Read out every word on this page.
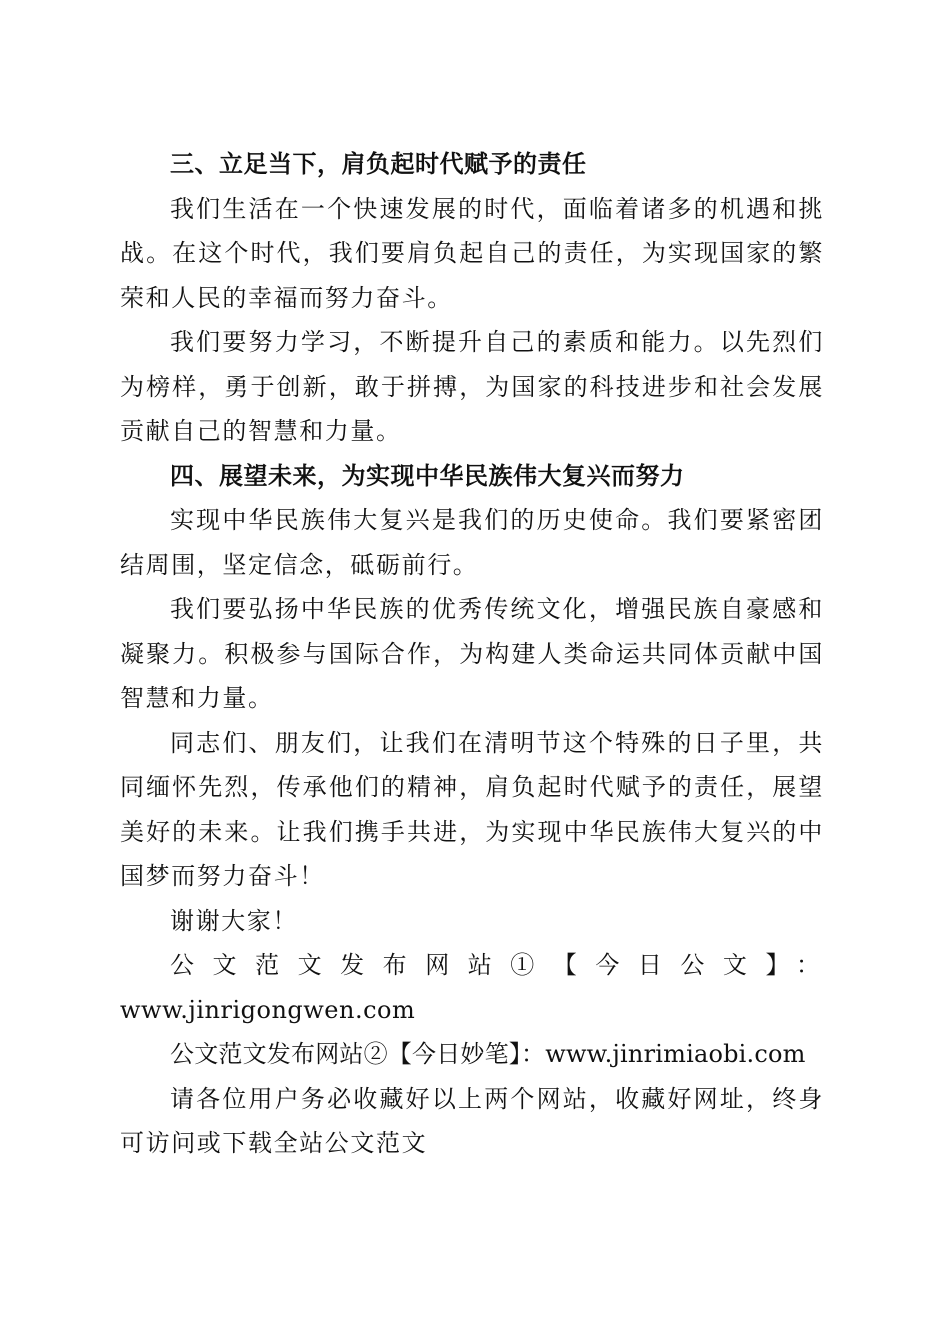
三、立足当下，肩负起时代赋予的责任

我们生活在一个快速发展的时代，面临着诸多的机遇和挑战。在这个时代，我们要肩负起自己的责任，为实现国家的繁荣和人民的幸福而努力奋斗。

我们要努力学习，不断提升自己的素质和能力。以先烈们为榜样，勇于创新，敢于拼搏，为国家的科技进步和社会发展贡献自己的智慧和力量。

四、展望未来，为实现中华民族伟大复兴而努力

实现中华民族伟大复兴是我们的历史使命。我们要紧密团结周围，坚定信念，砥砺前行。

我们要弘扬中华民族的优秀传统文化，增强民族自豪感和凝聚力。积极参与国际合作，为构建人类命运共同体贡献中国智慧和力量。

同志们、朋友们，让我们在清明节这个特殊的日子里，共同缅怀先烈，传承他们的精神，肩负起时代赋予的责任，展望美好的未来。让我们携手共进，为实现中华民族伟大复兴的中国梦而努力奋斗！

谢谢大家！

公文范文发布网站①【今日公文】：

www.jinrigongwen.com

公文范文发布网站②【今日妙笔】：www.jinrimiaobi.com

请各位用户务必收藏好以上两个网站，收藏好网址，终身可访问或下载全站公文范文
